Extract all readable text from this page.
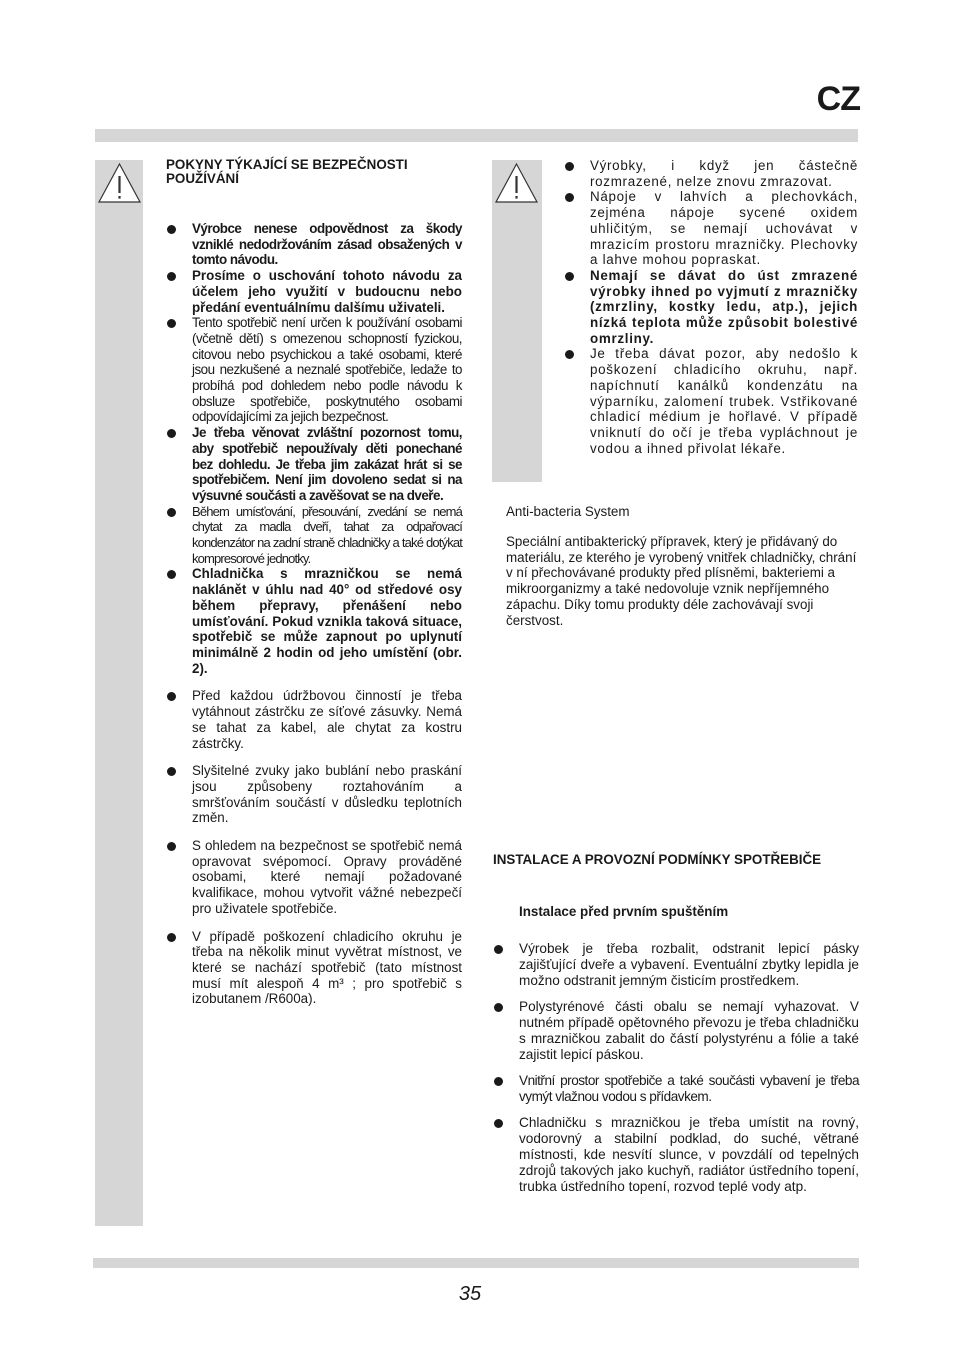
CZ
POKYNY TÝKAJÍCÍ SE BEZPEČNOSTI POUŽÍVÁNÍ
Výrobce nenese odpovědnost za škody vzniklé nedodržováním zásad obsažených v tomto návodu.
Prosíme o uschování tohoto návodu za účelem jeho využití v budoucnu nebo předání eventuálnímu dalšímu uživateli.
Tento spotřebič není určen k používání osobami (včetně dětí) s omezenou schopností fyzickou, citovou nebo psychickou a také osobami, které jsou nezkušené a neznalé spotřebiče, ledaže to probíhá pod dohledem nebo podle návodu k obsluze spotřebiče, poskytnutého osobami odpovídajícími za jejich bezpečnost.
Je třeba věnovat zvláštní pozornost tomu, aby spotřebič nepoužívaly děti ponechané bez dohledu. Je třeba jim zakázat hrát si se spotřebičem. Není jim dovoleno sedat si na výsuvné součásti a zavěšovat se na dveře.
Během umísťování, přesouvání, zvedání se nemá chytat za madla dveří, tahat za odpařovací kondenzátor na zadní straně chladničky a také dotýkat kompresorové jednotky.
Chladnička s mrazničkou se nemá naklánět v úhlu nad 40° od středové osy během přepravy, přenášení nebo umísťování. Pokud vznikla taková situace, spotřebič se může zapnout po uplynutí minimálně 2 hodin od jeho umístění (obr. 2).
Před každou údržbovou činností je třeba vytáhnout zástrčku ze síťové zásuvky. Nemá se tahat za kabel, ale chytat za kostru zástrčky.
Slyšitelné zvuky jako bublání nebo praskání jsou způsobeny roztahováním a smršťováním součástí v důsledku teplotních změn.
S ohledem na bezpečnost se spotřebič nemá opravovat svépomocí. Opravy prováděné osobami, které nemají požadované kvalifikace, mohou vytvořit vážné nebezpečí pro uživatele spotřebiče.
V případě poškození chladicího okruhu je třeba na několik minut vyvětrat místnost, ve které se nachází spotřebič (tato místnost musí mít alespoň 4 m³ ; pro spotřebič s izobutanem /R600a).
Výrobky, i když jen částečně rozmrazené, nelze znovu zmrazovat.
Nápoje v lahvích a plechovkách, zejména nápoje sycené oxidem uhličitým, se nemají uchovávat v mrazicím prostoru mrazničky. Plechovky a lahve mohou popraskat.
Nemají se dávat do úst zmrazené výrobky ihned po vyjmutí z mrazničky (zmrzliny, kostky ledu, atp.), jejich nízká teplota může způsobit bolestivé omrzliny.
Je třeba dávat pozor, aby nedošlo k poškození chladicího okruhu, např. napíchnutí kanálků kondenzátu na výparníku, zalomení trubek. Vstřikované chladicí médium je hořlavé. V případě vniknutí do očí je třeba vypláchnout je vodou a ihned přivolat lékaře.
Anti-bacteria System
Speciální antibakterický přípravek, který je přidávaný do materiálu, ze kterého je vyrobený vnitřek chladničky, chrání v ní přechovávané produkty před plísněmi, bakteriemi a mikroorganizmy a také nedovoluje vznik nepříjemného zápachu. Díky tomu produkty déle zachovávají svoji čerstvost.
INSTALACE A PROVOZNÍ PODMÍNKY SPOTŘEBIČE
Instalace před prvním spuštěním
Výrobek je třeba rozbalit, odstranit lepicí pásky zajišťující dveře a vybavení. Eventuální zbytky lepidla je možno odstranit jemným čisticím prostředkem.
Polystyrénové části obalu se nemají vyhazovat. V nutném případě opětovného převozu je třeba chladničku s mrazničkou zabalit do částí polystyrénu a fólie a také zajistit lepicí páskou.
Vnitřní prostor spotřebiče a také součásti vybavení je třeba vymýt vlažnou vodou s přídavkem.
Chladničku s mrazničkou je třeba umístit na rovný, vodorovný a stabilní podklad, do suché, větrané místnosti, kde nesvítí slunce, v povzdálí od tepelných zdrojů takových jako kuchyň, radiátor ústředního topení, trubka ústředního topení, rozvod teplé vody atp.
35
